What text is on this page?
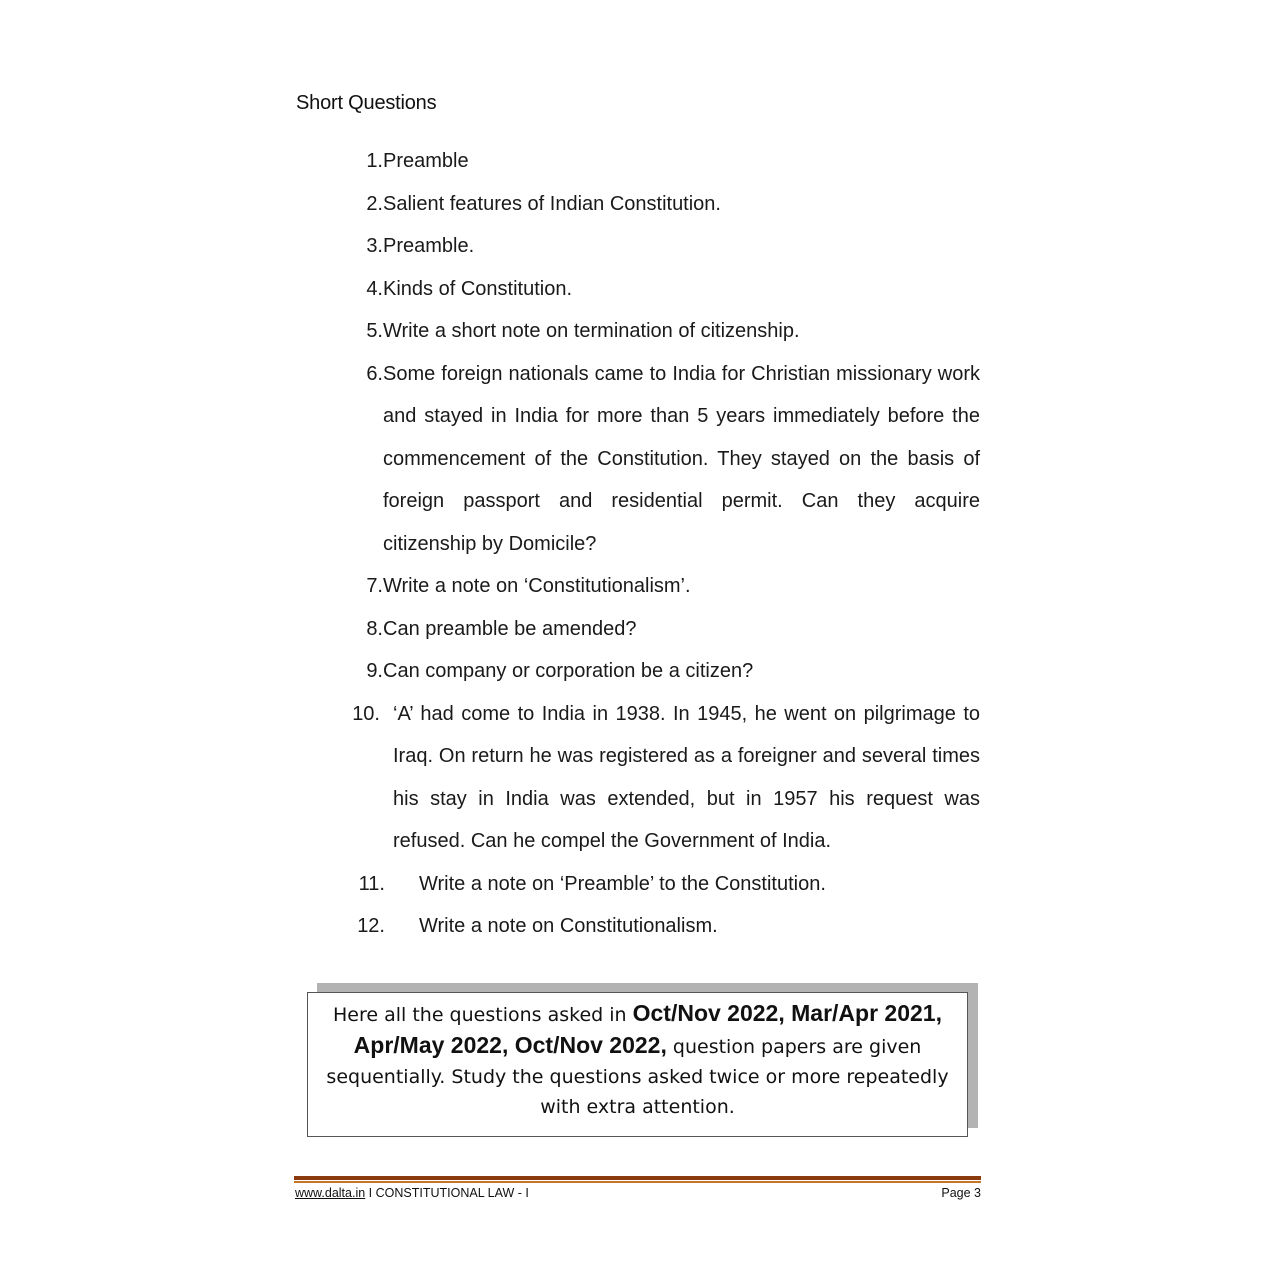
Short Questions
1. Preamble
2. Salient features of Indian Constitution.
3. Preamble.
4. Kinds of Constitution.
5. Write a short note on termination of citizenship.
6. Some foreign nationals came to India for Christian missionary work and stayed in India for more than 5 years immediately before the commencement of the Constitution. They stayed on the basis of foreign passport and residential permit. Can they acquire citizenship by Domicile?
7. Write a note on ‘Constitutionalism’.
8. Can preamble be amended?
9. Can company or corporation be a citizen?
10. ‘A’ had come to India in 1938. In 1945, he went on pilgrimage to Iraq. On return he was registered as a foreigner and several times his stay in India was extended, but in 1957 his request was refused. Can he compel the Government of India.
11.	Write a note on ‘Preamble’ to the Constitution.
12.	Write a note on Constitutionalism.
Here all the questions asked in Oct/Nov 2022, Mar/Apr 2021, Apr/May 2022, Oct/Nov 2022, question papers are given sequentially. Study the questions asked twice or more repeatedly with extra attention.
www.dalta.in I CONSTITUTIONAL LAW - I	Page 3
